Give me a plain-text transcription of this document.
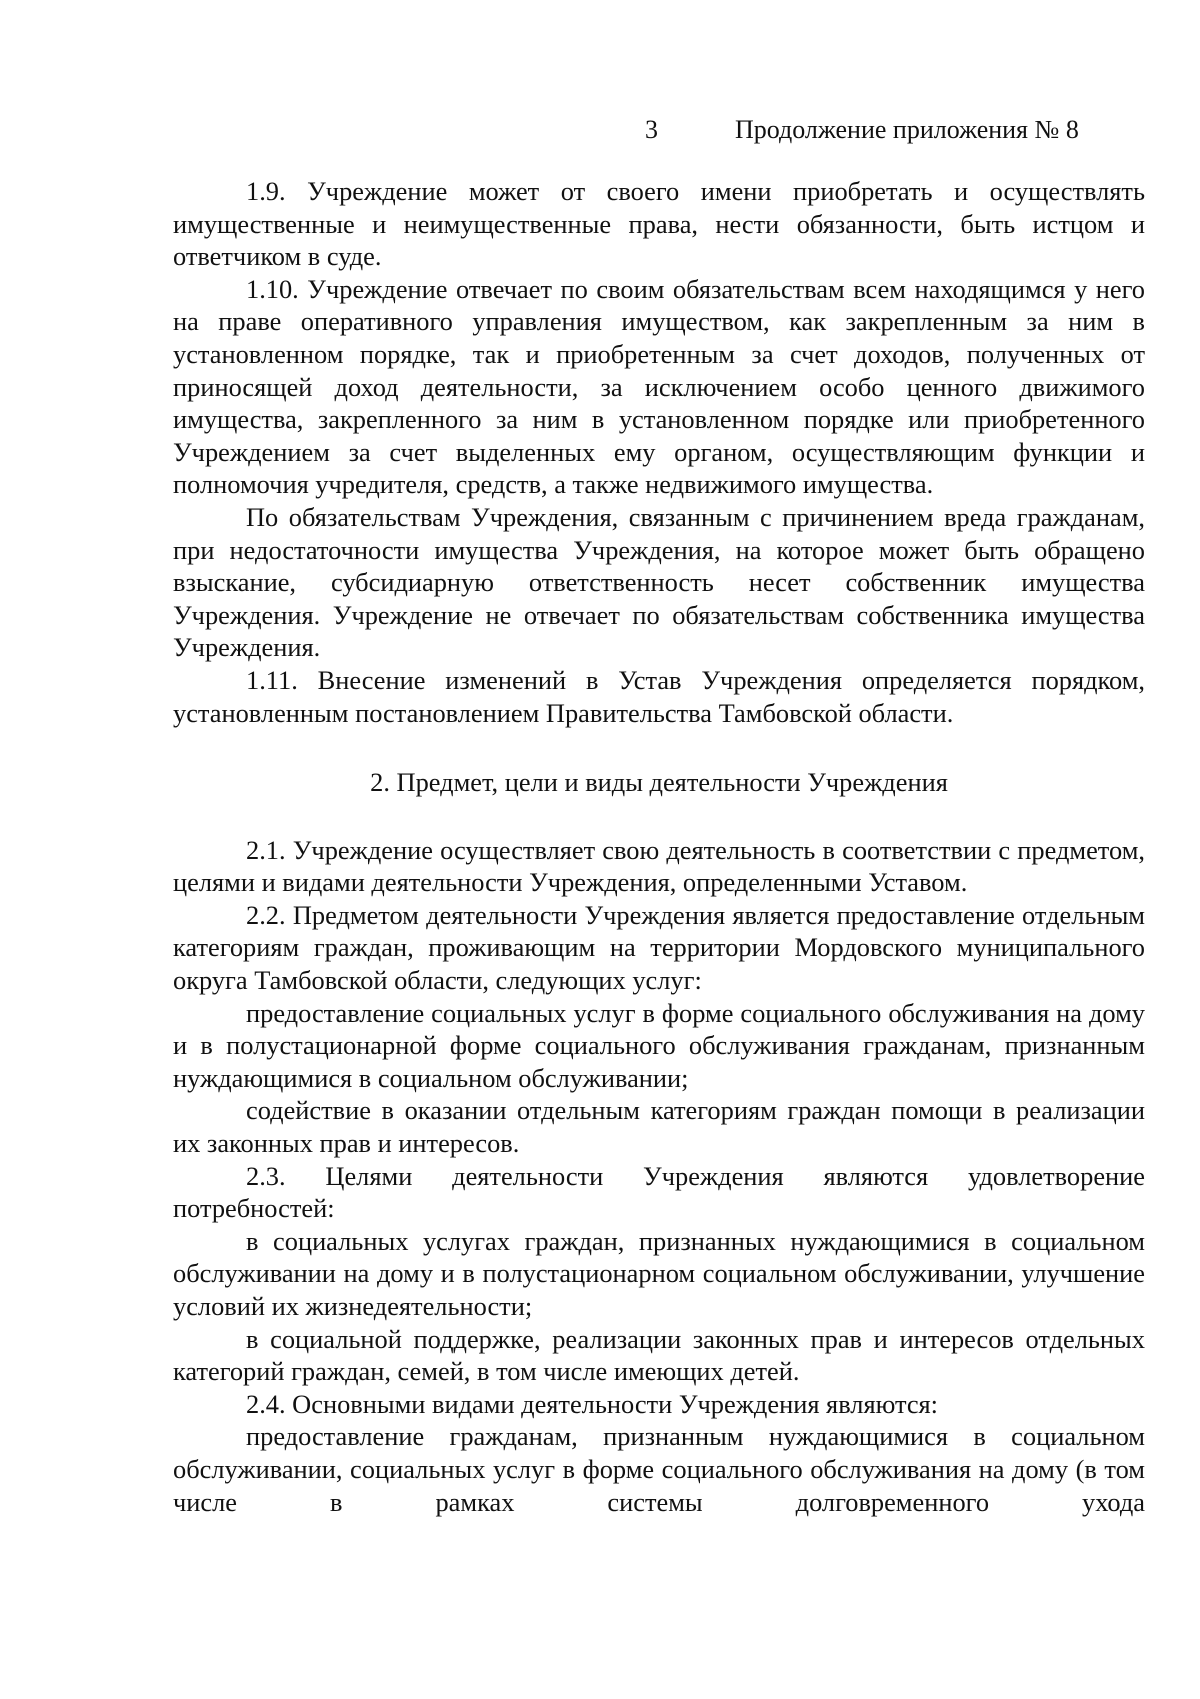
3	Продолжение приложения № 8

1.9. Учреждение может от своего имени приобретать и осуществлять имущественные и неимущественные права, нести обязанности, быть истцом и ответчиком в суде.

1.10. Учреждение отвечает по своим обязательствам всем находящимся у него на праве оперативного управления имуществом, как закрепленным за ним в установленном порядке, так и приобретенным за счет доходов, полученных от приносящей доход деятельности, за исключением особо ценного движимого имущества, закрепленного за ним в установленном порядке или приобретенного Учреждением за счет выделенных ему органом, осуществляющим функции и полномочия учредителя, средств, а также недвижимого имущества.

По обязательствам Учреждения, связанным с причинением вреда гражданам, при недостаточности имущества Учреждения, на которое может быть обращено взыскание, субсидиарную ответственность несет собственник имущества Учреждения. Учреждение не отвечает по обязательствам собственника имущества Учреждения.

1.11. Внесение изменений в Устав Учреждения определяется порядком, установленным постановлением Правительства Тамбовской области.

2. Предмет, цели и виды деятельности Учреждения

2.1. Учреждение осуществляет свою деятельность в соответствии с предметом, целями и видами деятельности Учреждения, определенными Уставом.

2.2. Предметом деятельности Учреждения является предоставление отдельным категориям граждан, проживающим на территории Мордовского муниципального округа Тамбовской области, следующих услуг:

предоставление социальных услуг в форме социального обслуживания на дому и в полустационарной форме социального обслуживания гражданам, признанным нуждающимися в социальном обслуживании;

содействие в оказании отдельным категориям граждан помощи в реализации их законных прав и интересов.

2.3. Целями деятельности Учреждения являются удовлетворение потребностей:

в социальных услугах граждан, признанных нуждающимися в социальном обслуживании на дому и в полустационарном социальном обслуживании, улучшение условий их жизнедеятельности;

в социальной поддержке, реализации законных прав и интересов отдельных категорий граждан, семей, в том числе имеющих детей.

2.4. Основными видами деятельности Учреждения являются:

предоставление гражданам, признанным нуждающимися в социальном обслуживании, социальных услуг в форме социального обслуживания на дому (в том числе в рамках системы долговременного ухода
